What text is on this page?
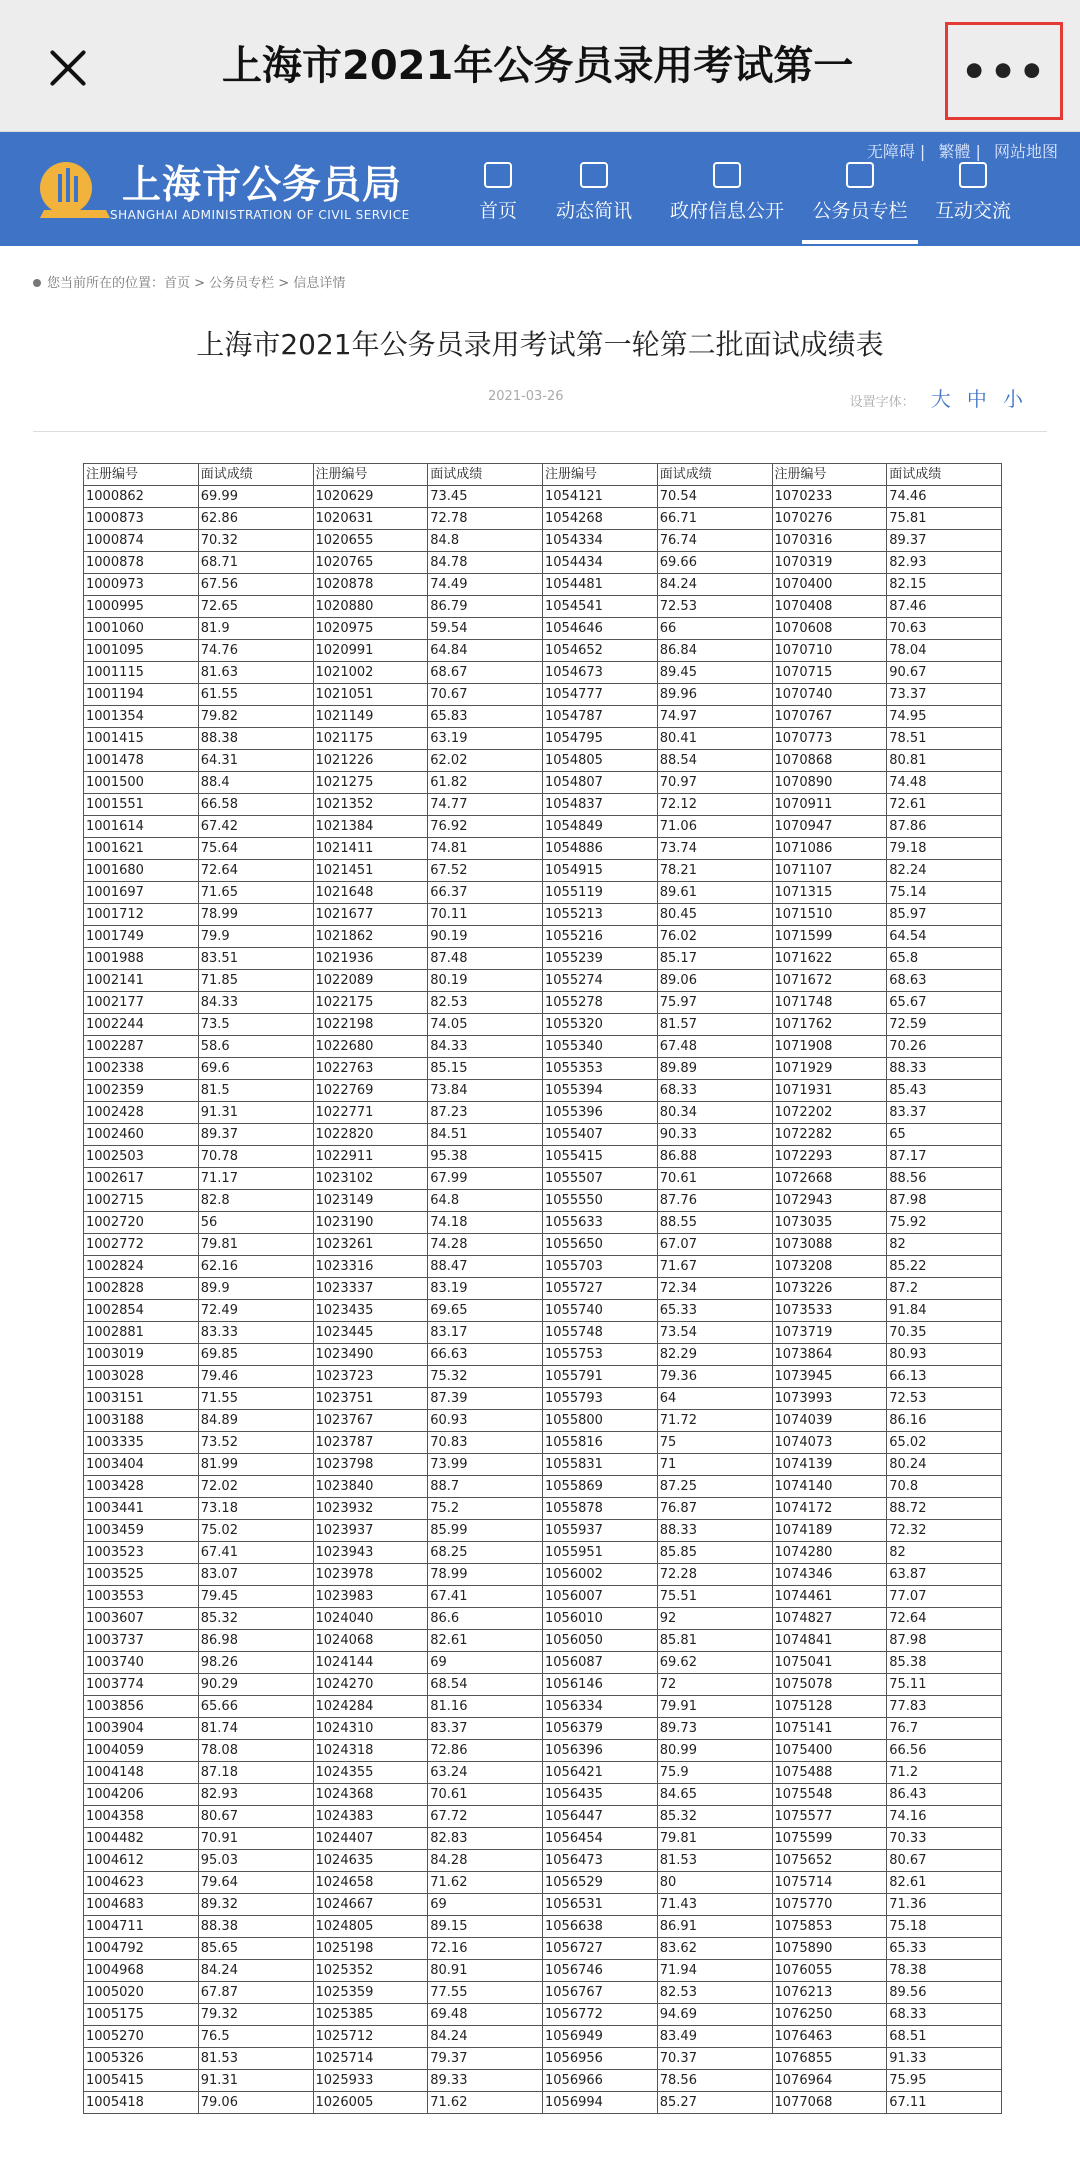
上海市2021年公务员录用考试第一	•••
上海市公务员局
SHANGHAI ADMINISTRATION OF CIVIL SERVICE
无障碍 | 繁體 | 网站地图
首页	动态简讯	政府信息公开	公务员专栏	互动交流
您当前所在的位置：首页 > 公务员专栏 > 信息详情
上海市2021年公务员录用考试第一轮第二批面试成绩表
2021-03-26	设置字体： 大 中 小
注册编号	面试成绩	注册编号	面试成绩	注册编号	面试成绩	注册编号	面试成绩
1000862	69.99	1020629	73.45	1054121	70.54	1070233	74.46
1000873	62.86	1020631	72.78	1054268	66.71	1070276	75.81
1000874	70.32	1020655	84.8	1054334	76.74	1070316	89.37
1000878	68.71	1020765	84.78	1054434	69.66	1070319	82.93
1000973	67.56	1020878	74.49	1054481	84.24	1070400	82.15
1000995	72.65	1020880	86.79	1054541	72.53	1070408	87.46
1001060	81.9	1020975	59.54	1054646	66	1070608	70.63
1001095	74.76	1020991	64.84	1054652	86.84	1070710	78.04
1001115	81.63	1021002	68.67	1054673	89.45	1070715	90.67
1001194	61.55	1021051	70.67	1054777	89.96	1070740	73.37
1001354	79.82	1021149	65.83	1054787	74.97	1070767	74.95
1001415	88.38	1021175	63.19	1054795	80.41	1070773	78.51
1001478	64.31	1021226	62.02	1054805	88.54	1070868	80.81
1001500	88.4	1021275	61.82	1054807	70.97	1070890	74.48
1001551	66.58	1021352	74.77	1054837	72.12	1070911	72.61
1001614	67.42	1021384	76.92	1054849	71.06	1070947	87.86
1001621	75.64	1021411	74.81	1054886	73.74	1071086	79.18
1001680	72.64	1021451	67.52	1054915	78.21	1071107	82.24
1001697	71.65	1021648	66.37	1055119	89.61	1071315	75.14
1001712	78.99	1021677	70.11	1055213	80.45	1071510	85.97
1001749	79.9	1021862	90.19	1055216	76.02	1071599	64.54
1001988	83.51	1021936	87.48	1055239	85.17	1071622	65.8
1002141	71.85	1022089	80.19	1055274	89.06	1071672	68.63
1002177	84.33	1022175	82.53	1055278	75.97	1071748	65.67
1002244	73.5	1022198	74.05	1055320	81.57	1071762	72.59
1002287	58.6	1022680	84.33	1055340	67.48	1071908	70.26
1002338	69.6	1022763	85.15	1055353	89.89	1071929	88.33
1002359	81.5	1022769	73.84	1055394	68.33	1071931	85.43
1002428	91.31	1022771	87.23	1055396	80.34	1072202	83.37
1002460	89.37	1022820	84.51	1055407	90.33	1072282	65
1002503	70.78	1022911	95.38	1055415	86.88	1072293	87.17
1002617	71.17	1023102	67.99	1055507	70.61	1072668	88.56
1002715	82.8	1023149	64.8	1055550	87.76	1072943	87.98
1002720	56	1023190	74.18	1055633	88.55	1073035	75.92
1002772	79.81	1023261	74.28	1055650	67.07	1073088	82
1002824	62.16	1023316	88.47	1055703	71.67	1073208	85.22
1002828	89.9	1023337	83.19	1055727	72.34	1073226	87.2
1002854	72.49	1023435	69.65	1055740	65.33	1073533	91.84
1002881	83.33	1023445	83.17	1055748	73.54	1073719	70.35
1003019	69.85	1023490	66.63	1055753	82.29	1073864	80.93
1003028	79.46	1023723	75.32	1055791	79.36	1073945	66.13
1003151	71.55	1023751	87.39	1055793	64	1073993	72.53
1003188	84.89	1023767	60.93	1055800	71.72	1074039	86.16
1003335	73.52	1023787	70.83	1055816	75	1074073	65.02
1003404	81.99	1023798	73.99	1055831	71	1074139	80.24
1003428	72.02	1023840	88.7	1055869	87.25	1074140	70.8
1003441	73.18	1023932	75.2	1055878	76.87	1074172	88.72
1003459	75.02	1023937	85.99	1055937	88.33	1074189	72.32
1003523	67.41	1023943	68.25	1055951	85.85	1074280	82
1003525	83.07	1023978	78.99	1056002	72.28	1074346	63.87
1003553	79.45	1023983	67.41	1056007	75.51	1074461	77.07
1003607	85.32	1024040	86.6	1056010	92	1074827	72.64
1003737	86.98	1024068	82.61	1056050	85.81	1074841	87.98
1003740	98.26	1024144	69	1056087	69.62	1075041	85.38
1003774	90.29	1024270	68.54	1056146	72	1075078	75.11
1003856	65.66	1024284	81.16	1056334	79.91	1075128	77.83
1003904	81.74	1024310	83.37	1056379	89.73	1075141	76.7
1004059	78.08	1024318	72.86	1056396	80.99	1075400	66.56
1004148	87.18	1024355	63.24	1056421	75.9	1075488	71.2
1004206	82.93	1024368	70.61	1056435	84.65	1075548	86.43
1004358	80.67	1024383	67.72	1056447	85.32	1075577	74.16
1004482	70.91	1024407	82.83	1056454	79.81	1075599	70.33
1004612	95.03	1024635	84.28	1056473	81.53	1075652	80.67
1004623	79.64	1024658	71.62	1056529	80	1075714	82.61
1004683	89.32	1024667	69	1056531	71.43	1075770	71.36
1004711	88.38	1024805	89.15	1056638	86.91	1075853	75.18
1004792	85.65	1025198	72.16	1056727	83.62	1075890	65.33
1004968	84.24	1025352	80.91	1056746	71.94	1076055	78.38
1005020	67.87	1025359	77.55	1056767	82.53	1076213	89.56
1005175	79.32	1025385	69.48	1056772	94.69	1076250	68.33
1005270	76.5	1025712	84.24	1056949	83.49	1076463	68.51
1005326	81.53	1025714	79.37	1056956	70.37	1076855	91.33
1005415	91.31	1025933	89.33	1056966	78.56	1076964	75.95
1005418	79.06	1026005	71.62	1056994	85.27	1077068	67.11
